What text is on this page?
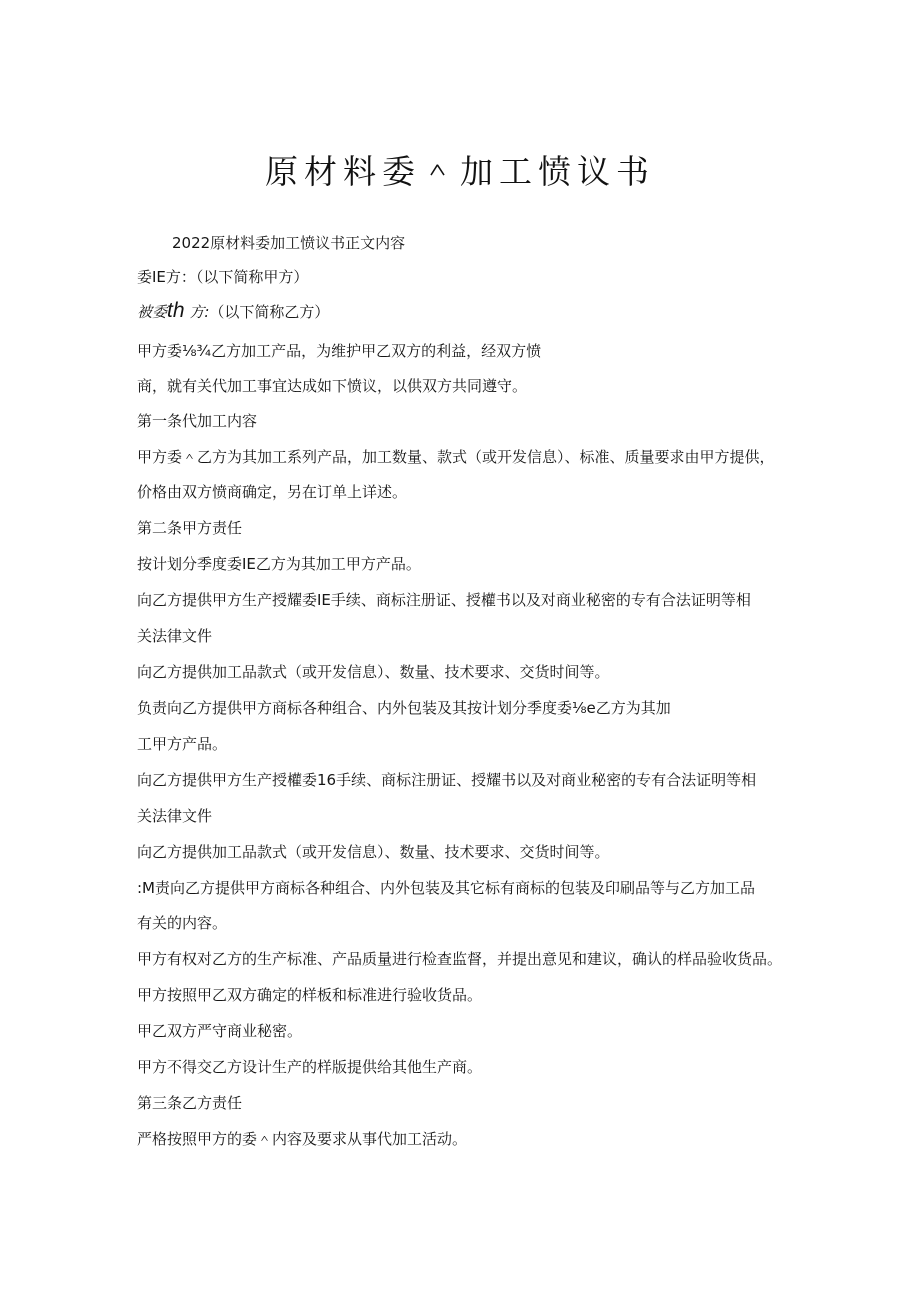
原材料委＾加工愤议书
2022原材料委加工愤议书正文内容
委IE方：（以下简称甲方）
被委th 方:（以下简称乙方）
甲方委⅛¾乙方加工产品，为维护甲乙双方的利益，经双方愤
商，就有关代加工事宜达成如下愤议，以供双方共同遵守。
第一条代加工内容
甲方委＾乙方为其加工系列产品，加工数量、款式（或开发信息）、标准、质量要求由甲方提供，
价格由双方愤商确定，另在订单上详述。
第二条甲方责任
按计划分季度委IE乙方为其加工甲方产品。
向乙方提供甲方生产授耀委IE手续、商标注册证、授權书以及对商业秘密的专有合法证明等相
关法律文件
向乙方提供加工品款式（或开发信息）、数量、技术要求、交货时间等。
负责向乙方提供甲方商标各种组合、内外包装及其按计划分季度委⅛e乙方为其加
工甲方产品。
向乙方提供甲方生产授權委16手续、商标注册证、授耀书以及对商业秘密的专有合法证明等相
关法律文件
向乙方提供加工品款式（或开发信息）、数量、技术要求、交货时间等。
:M责向乙方提供甲方商标各种组合、内外包装及其它标有商标的包装及印刷品等与乙方加工品
有关的内容。
甲方有权对乙方的生产标准、产品质量进行检查监督，并提出意见和建议，确认的样品验收货品。
甲方按照甲乙双方确定的样板和标准进行验收货品。
甲乙双方严守商业秘密。
甲方不得交乙方设计生产的样版提供给其他生产商。
第三条乙方责任
严格按照甲方的委＾内容及要求从事代加工活动。
